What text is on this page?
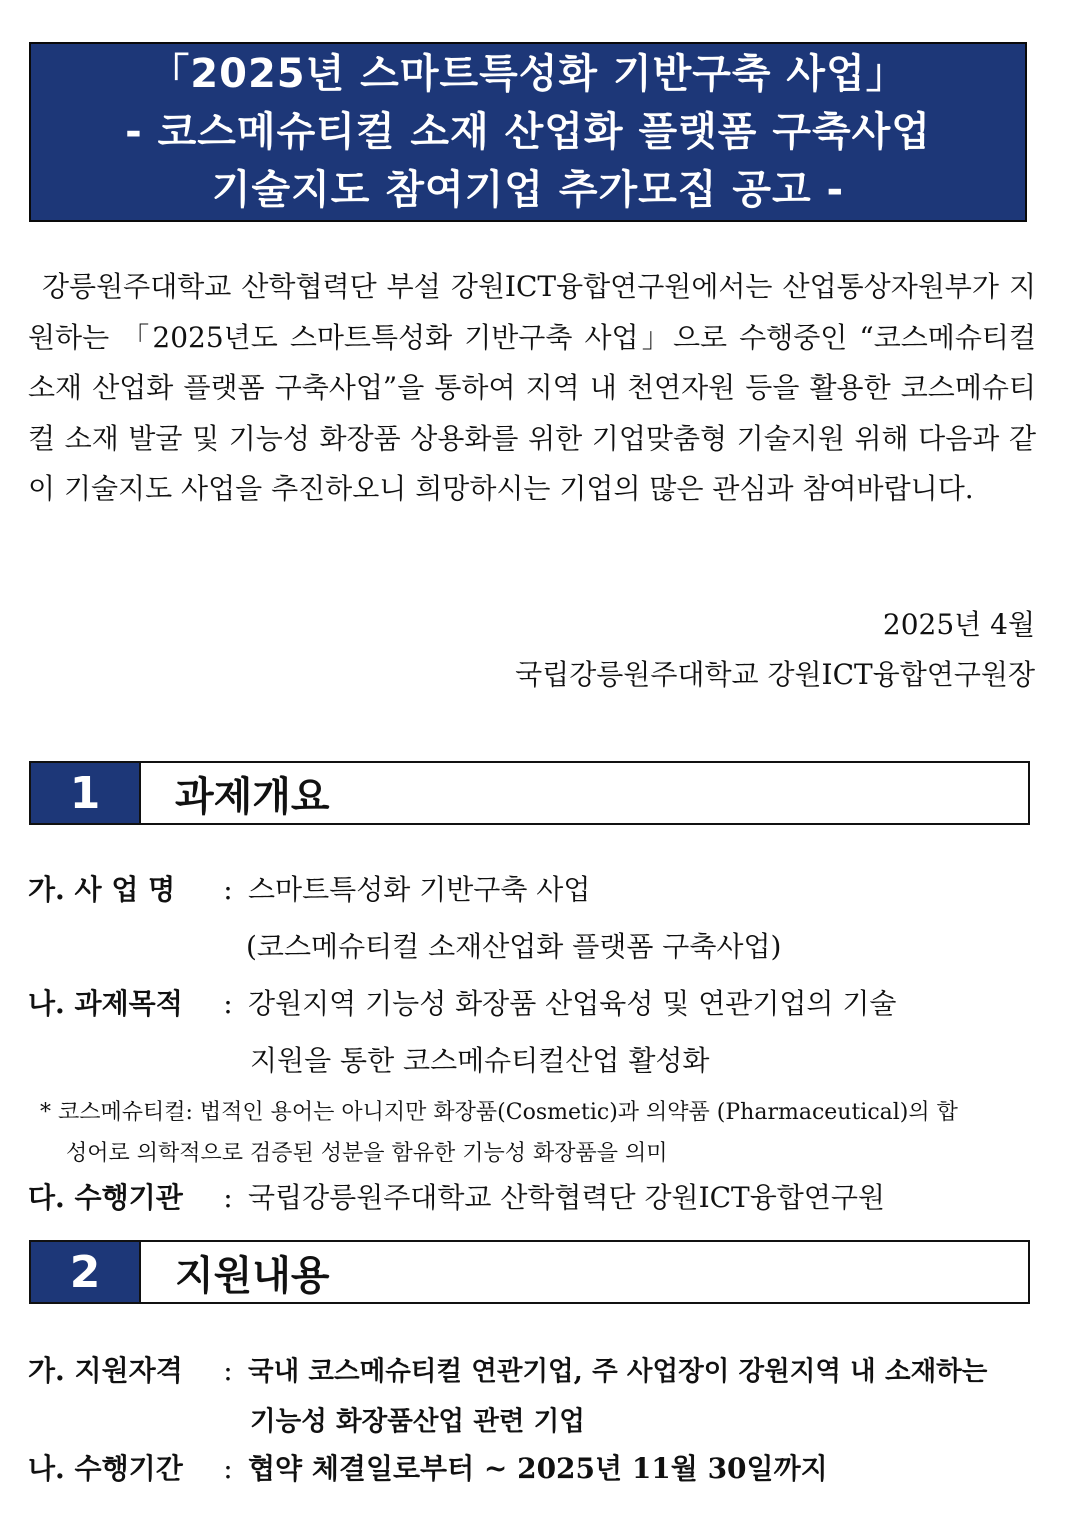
「2025년 스마트특성화 기반구축 사업」
- 코스메슈티컬 소재 산업화 플랫폼 구축사업
기술지도 참여기업 추가모집 공고 -

강릉원주대학교 산학협력단 부설 강원ICT융합연구원에서는 산업통상자원부가 지원하는 「2025년도 스마트특성화 기반구축 사업」으로 수행중인 “코스메슈티컬 소재 산업화 플랫폼 구축사업”을 통하여 지역 내 천연자원 등을 활용한 코스메슈티컬 소재 발굴 및 기능성 화장품 상용화를 위한 기업맞춤형 기술지원 위해 다음과 같이 기술지도 사업을 추진하오니 희망하시는 기업의 많은 관심과 참여바랍니다.

2025년 4월
국립강릉원주대학교 강원ICT융합연구원장
1	과제개요
가. 사 업 명 : 스마트특성화 기반구축 사업
(코스메슈티컬 소재산업화 플랫폼 구축사업)
나. 과제목적 : 강원지역 기능성 화장품 산업육성 및 연관기업의 기술
지원을 통한 코스메슈티컬산업 활성화
* 코스메슈티컬: 법적인 용어는 아니지만 화장품(Cosmetic)과 의약품 (Pharmaceutical)의 합
성어로 의학적으로 검증된 성분을 함유한 기능성 화장품을 의미
다. 수행기관 : 국립강릉원주대학교 산학협력단 강원ICT융합연구원
2	지원내용
가. 지원자격 : 국내 코스메슈티컬 연관기업, 주 사업장이 강원지역 내 소재하는
기능성 화장품산업 관련 기업
나. 수행기간 : 협약 체결일로부터 ~ 2025년 11월 30일까지
